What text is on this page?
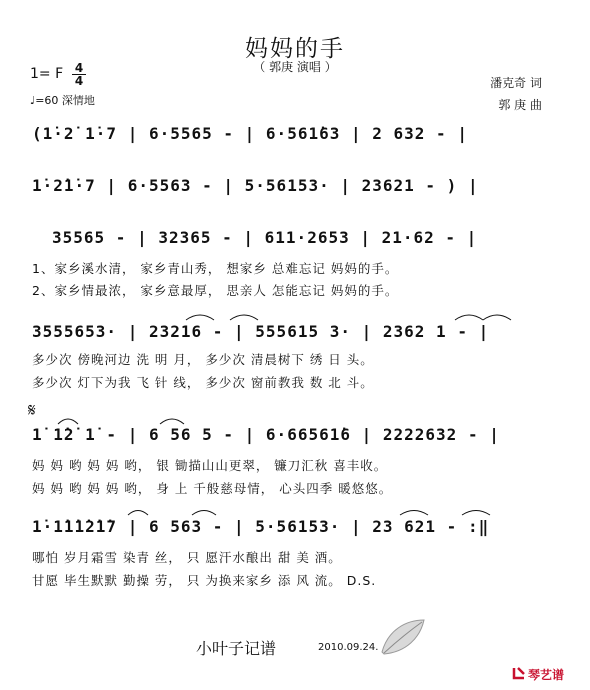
妈妈的手
（ 郭庚 演唱 ）
1= F 4
4
♩=60 深情地
潘克奇 词
郭 庚 曲
(1̇·2̇ 1̇·7 | 6·5565 - | 6·561̇63 | 2 632 - |
1̇·2̇1̇·7 | 6·5563 - | 5·56153· | 23621 - ) |
35565 - | 32365 - | 611·2653 | 21·62 - |
1、家乡溪水清， 家乡青山秀， 想家乡 总难忘记 妈妈的手。
2、家乡情最浓， 家乡意最厚， 思亲人 怎能忘记 妈妈的手。
3555653· | 23216 - | 555615 3· | 2362 1 - |
多少次 傍晚河边 洗 明 月， 多少次 清晨树下 绣 日 头。
多少次 灯下为我 飞 针 线， 多少次 窗前教我 数 北 斗。
𝄋
1̇ 1̇2̇ 1̇ - | 6 56 5 - | 6·66561̇6 | 2222632 - |
妈 妈 哟 妈 妈 哟， 银 锄描山山更翠， 镰刀汇秋 喜丰收。
妈 妈 哟 妈 妈 哟， 身 上 千般慈母情， 心头四季 暖悠悠。
1̇·1̇1̇1̇2̇1̇7 | 6 563 - | 5·56153· | 23 621 - :‖
哪怕 岁月霜雪 染青 丝， 只 愿汗水酿出 甜 美 酒。
甘愿 毕生默默 勤操 劳， 只 为换来家乡 添 风 流。 D.S.
小叶子记谱	2010.09.24.
琴艺谱
